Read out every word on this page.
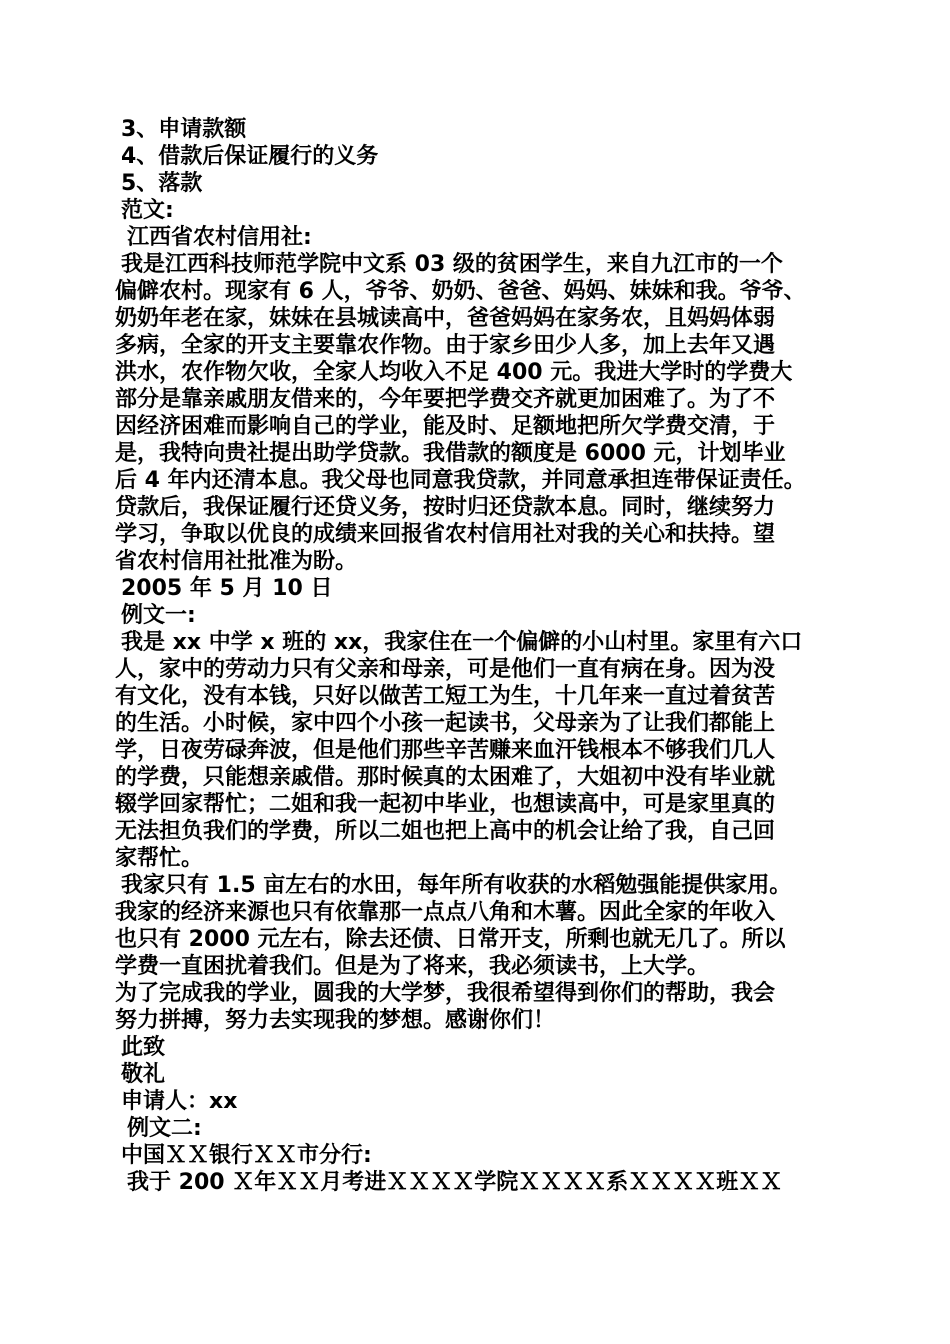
3、申请款额
4、借款后保证履行的义务
5、落款
范文:
江西省农村信用社:
我是江西科技师范学院中文系 03 级的贫困学生，来自九江市的一个
偏僻农村。现家有 6 人，爷爷、奶奶、爸爸、妈妈、妹妹和我。爷爷、
奶奶年老在家，妹妹在县城读高中，爸爸妈妈在家务农，且妈妈体弱
多病，全家的开支主要靠农作物。由于家乡田少人多，加上去年又遇
洪水，农作物欠收，全家人均收入不足 400 元。我进大学时的学费大
部分是靠亲戚朋友借来的，今年要把学费交齐就更加困难了。为了不
因经济困难而影响自己的学业，能及时、足额地把所欠学费交清，于
是，我特向贵社提出助学贷款。我借款的额度是 6000 元，计划毕业
后 4 年内还清本息。我父母也同意我贷款，并同意承担连带保证责任。
贷款后，我保证履行还贷义务，按时归还贷款本息。同时，继续努力
学习，争取以优良的成绩来回报省农村信用社对我的关心和扶持。望
省农村信用社批准为盼。
2005 年 5 月 10 日
例文一:
我是 xx 中学 x 班的 xx，我家住在一个偏僻的小山村里。家里有六口
人，家中的劳动力只有父亲和母亲，可是他们一直有病在身。因为没
有文化，没有本钱，只好以做苦工短工为生，十几年来一直过着贫苦
的生活。小时候，家中四个小孩一起读书，父母亲为了让我们都能上
学，日夜劳碌奔波，但是他们那些辛苦赚来血汗钱根本不够我们几人
的学费，只能想亲戚借。那时候真的太困难了，大姐初中没有毕业就
辍学回家帮忙；二姐和我一起初中毕业，也想读高中，可是家里真的
无法担负我们的学费，所以二姐也把上高中的机会让给了我，自己回
家帮忙。
我家只有 1.5 亩左右的水田，每年所有收获的水稻勉强能提供家用。
我家的经济来源也只有依靠那一点点八角和木薯。因此全家的年收入
也只有 2000 元左右，除去还债、日常开支，所剩也就无几了。所以
学费一直困扰着我们。但是为了将来，我必须读书，上大学。
为了完成我的学业，圆我的大学梦，我很希望得到你们的帮助，我会
努力拼搏，努力去实现我的梦想。感谢你们！
此致
敬礼
申请人：xx
例文二:
中国ＸＸ银行ＸＸ市分行:
我于 200 Ｘ年ＸＸ月考进ＸＸＸＸ学院ＸＸＸＸ系ＸＸＸＸ班ＸＸ
